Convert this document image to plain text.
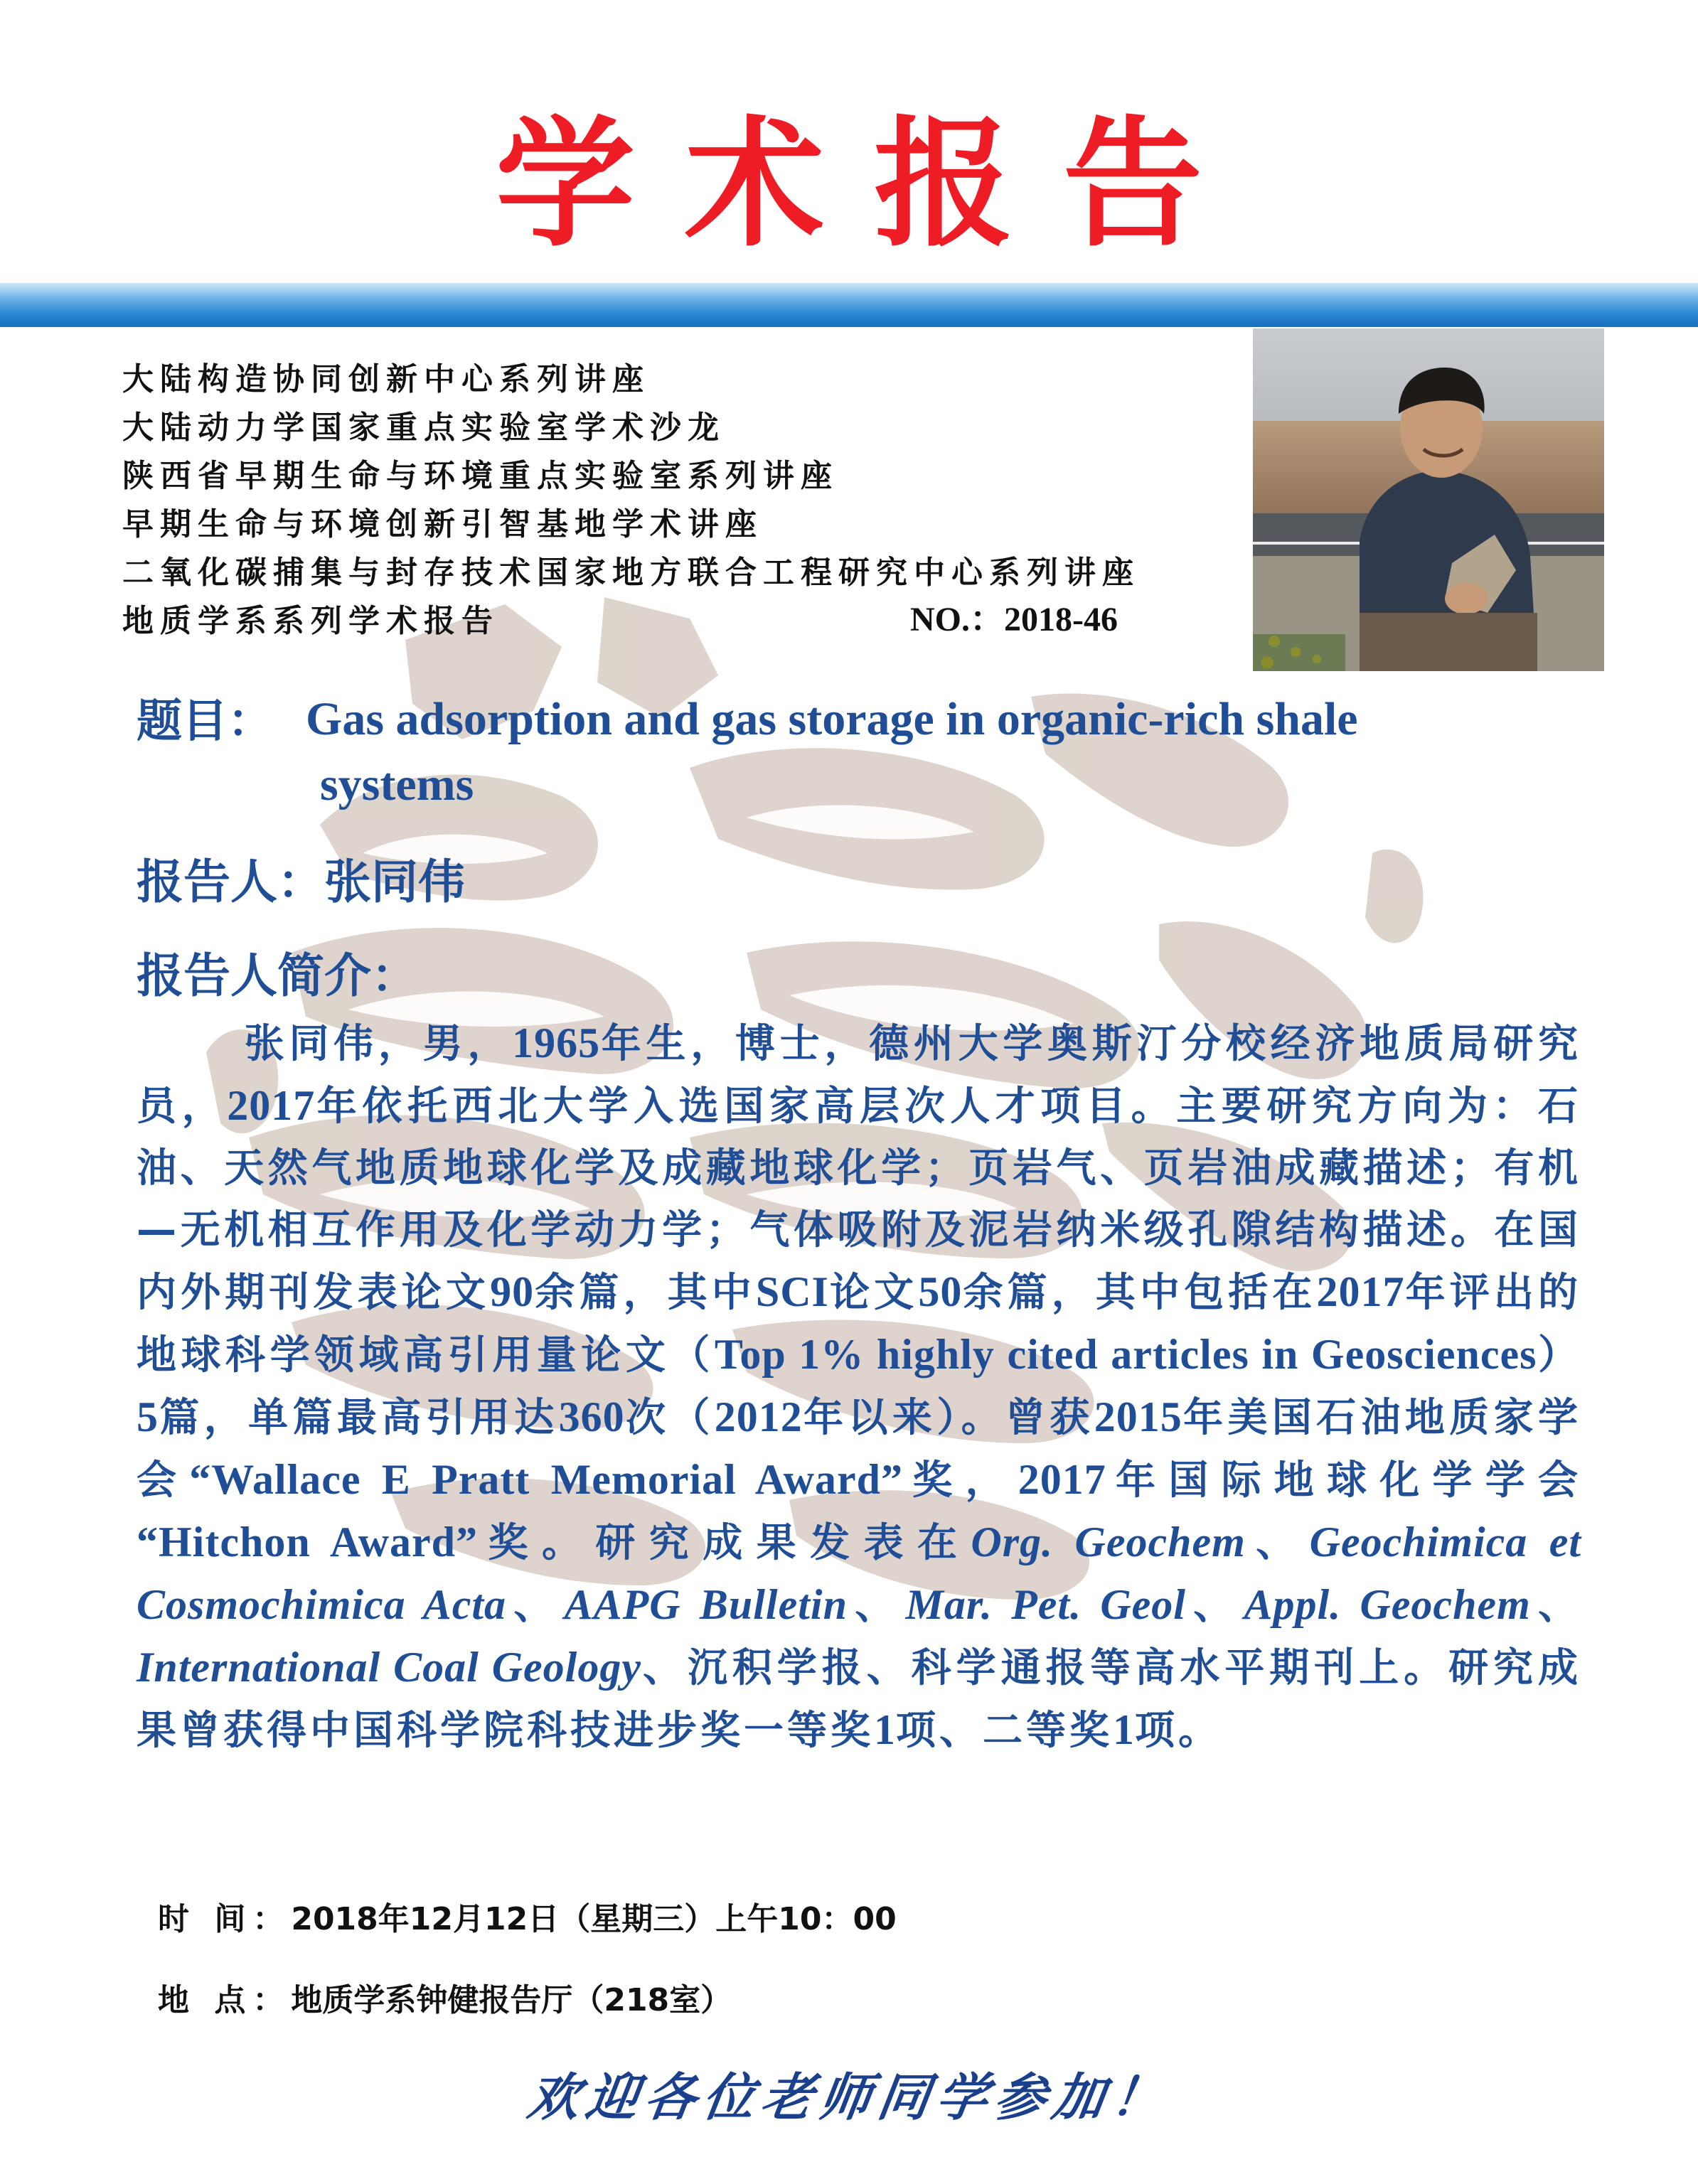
学术报告
大陆构造协同创新中心系列讲座
大陆动力学国家重点实验室学术沙龙
陕西省早期生命与环境重点实验室系列讲座
早期生命与环境创新引智基地学术讲座
二氧化碳捕集与封存技术国家地方联合工程研究中心系列讲座
地质学系系列学术报告	NO.：2018-46
题目： Gas adsorption and gas storage in organic-rich shale
systems
报告人：张同伟
报告人简介：
张同伟，男，1965年生，博士，德州大学奥斯汀分校经济地质局研究员，2017年依托西北大学入选国家高层次人才项目。主要研究方向为：石油、天然气地质地球化学及成藏地球化学；页岩气、页岩油成藏描述；有机—无机相互作用及化学动力学；气体吸附及泥岩纳米级孔隙结构描述。在国内外期刊发表论文90余篇，其中SCI论文50余篇，其中包括在2017年评出的地球科学领域高引用量论文（Top 1% highly cited articles in Geosciences）5篇，单篇最高引用达360次（2012年以来）。曾获2015年美国石油地质家学会“Wallace E Pratt Memorial Award”奖，2017年国际地球化学学会 “Hitchon Award”奖。研究成果发表在Org. Geochem、Geochimica et Cosmochimica Acta、AAPG Bulletin、Mar. Pet. Geol、Appl. Geochem、International Coal Geology、沉积学报、科学通报等高水平期刊上。研究成果曾获得中国科学院科技进步奖一等奖1项、二等奖1项。
时 间：2018年12月12日（星期三）上午10：00
地 点：地质学系钟健报告厅（218室）
欢迎各位老师同学参加！
